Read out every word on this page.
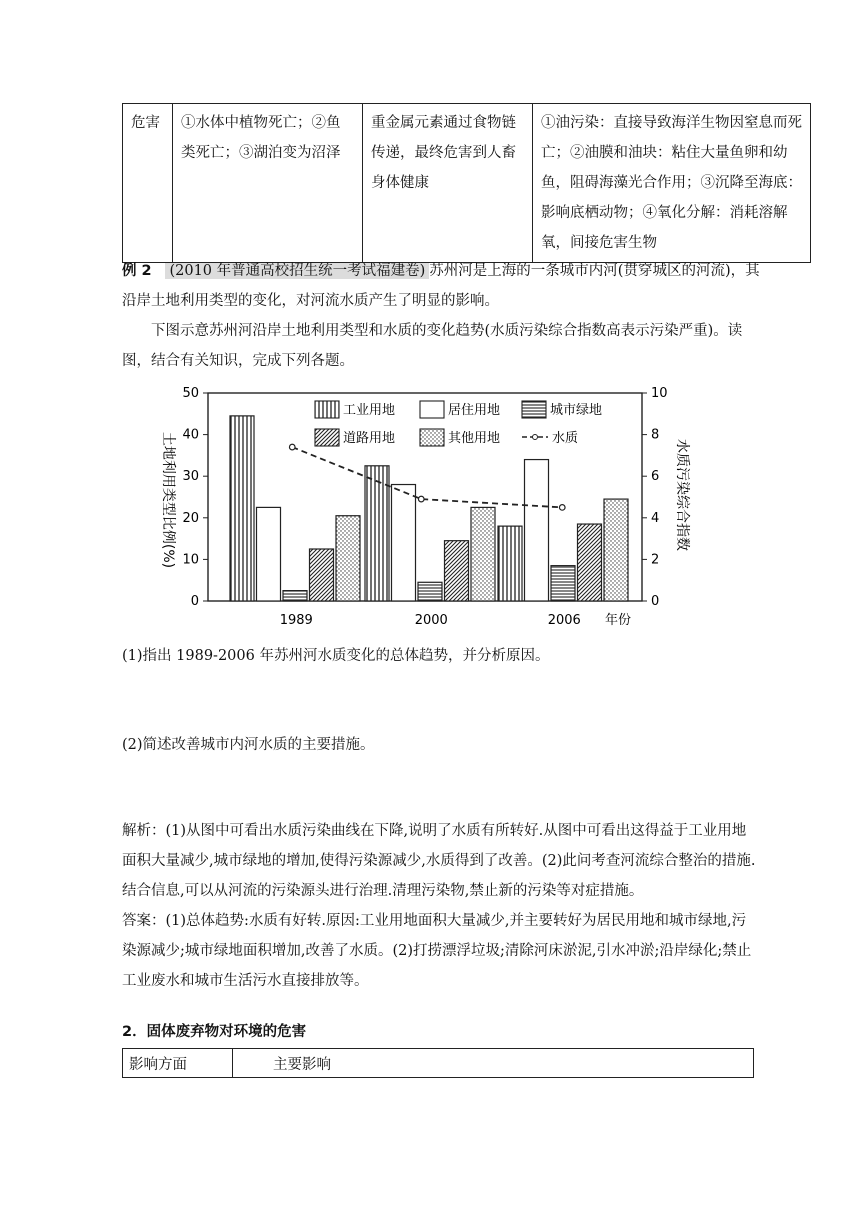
危害	①水体中植物死亡；②鱼类死亡；③湖泊变为沼泽	重金属元素通过食物链传递，最终危害到人畜身体健康	①油污染：直接导致海洋生物因窒息而死亡；②油膜和油块：粘住大量鱼卵和幼鱼，阻碍海藻光合作用；③沉降至海底：影响底栖动物；④氧化分解：消耗溶解氧，间接危害生物
例 2 (2010 年普通高校招生统一考试福建卷) 苏州河是上海的一条城市内河(贯穿城区的河流)，其沿岸土地利用类型的变化，对河流水质产生了明显的影响。
下图示意苏州河沿岸土地利用类型和水质的变化趋势(水质污染综合指数高表示污染严重)。读图，结合有关知识，完成下列各题。
0
10
20
30
40
50
0
2
4
6
8
10
1989	2000	2006
工业用地	居住用地	城市绿地
道路用地	其他用地	水质
土地利用类型比例(%)	水质污染综合指数
年份
(1)指出 1989-2006 年苏州河水质变化的总体趋势，并分析原因。
(2)简述改善城市内河水质的主要措施。
解析：(1)从图中可看出水质污染曲线在下降,说明了水质有所转好.从图中可看出这得益于工业用地面积大量减少,城市绿地的增加,使得污染源减少,水质得到了改善。(2)此问考查河流综合整治的措施.结合信息,可以从河流的污染源头进行治理.清理污染物,禁止新的污染等对症措施。
答案：(1)总体趋势:水质有好转.原因:工业用地面积大量减少,并主要转好为居民用地和城市绿地,污染源减少;城市绿地面积增加,改善了水质。(2)打捞漂浮垃圾;清除河床淤泥,引水冲淤;沿岸绿化;禁止工业废水和城市生活污水直接排放等。
2．固体废弃物对环境的危害
影响方面	主要影响
